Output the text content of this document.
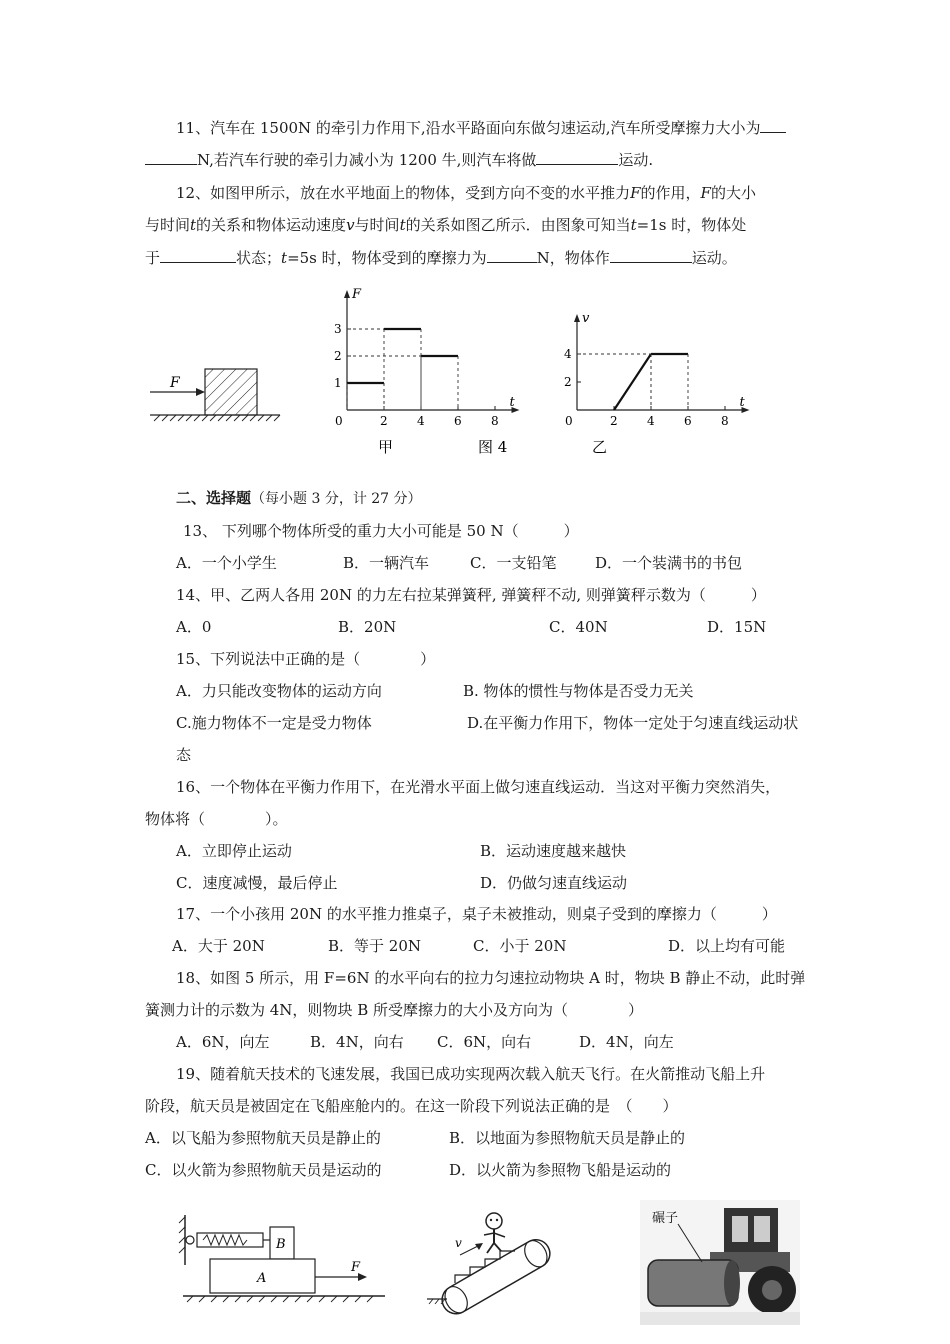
11、汽车在 1500N 的牵引力作用下,沿水平路面向东做匀速运动,汽车所受摩擦力大小为
N,若汽车行驶的牵引力减小为 1200 牛,则汽车将做	运动.
12、如图甲所示，放在水平地面上的物体，受到方向不变的水平推力F的作用，F的大小
与时间t的关系和物体运动速度v与时间t的关系如图乙所示．由图象可知当t=1s 时，物体处
于	状态；t=5s 时，物体受到的摩擦力为	N，物体作	运动。
F
F
t
0	2 4	8
6
1
2
3
v
t
0	2 4 6 8
2
4
甲	图 4	乙
二、选择题（每小题 3 分，计 27 分）
13、 下列哪个物体所受的重力大小可能是 50 N（　　　）
A．一个小学生	B．一辆汽车	C．一支铅笔	D．一个装满书的书包
14、甲、乙两人各用 20N 的力左右拉某弹簧秤, 弹簧秤不动, 则弹簧秤示数为（　　　）
A．0	B．20N	C．40N	D．15N
15、下列说法中正确的是（　　　　）
A．力只能改变物体的运动方向	B. 物体的惯性与物体是否受力无关
C.施力物体不一定是受力物体	D.在平衡力作用下，物体一定处于匀速直线运动状
态
16、一个物体在平衡力作用下，在光滑水平面上做匀速直线运动．当这对平衡力突然消失，
物体将（　　　　）。
A．立即停止运动	B．运动速度越来越快
C．速度减慢，最后停止	D．仍做匀速直线运动
17、一个小孩用 20N 的水平推力推桌子，桌子未被推动，则桌子受到的摩擦力（　　　）
A．大于 20N	B．等于 20N	C．小于 20N	D．以上均有可能
18、如图 5 所示，用 F=6N 的水平向右的拉力匀速拉动物块 A 时，物块 B 静止不动，此时弹
簧测力计的示数为 4N，则物块 B 所受摩擦力的大小及方向为（　　　　）
A．6N，向左	B．4N，向右 C．6N，向右	D．4N，向左
19、随着航天技术的飞速发展，我国已成功实现两次载入航天飞行。在火箭推动飞船上升
阶段，航天员是被固定在飞船座舱内的。在这一阶段下列说法正确的是　（　　）
A．以飞船为参照物航天员是静止的	B．以地面为参照物航天员是静止的
C．以火箭为参照物航天员是运动的	D．以火箭为参照物飞船是运动的
B
A
F
v
碾子
